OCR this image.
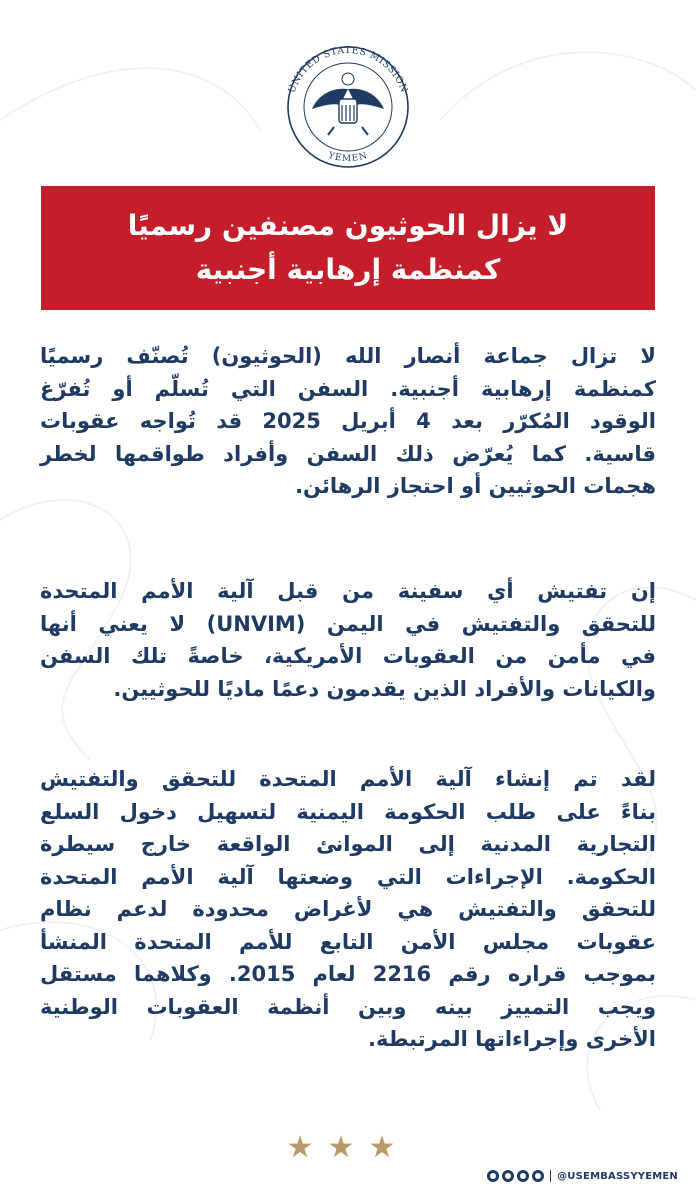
UNITED STATES MISSION
YEMEN
لا يزال الحوثيون مصنفين رسميًا
كمنظمة إرهابية أجنبية
لا تزال جماعة أنصار الله (الحوثيون) تُصنّف رسميًا
كمنظمة إرهابية أجنبية. السفن التي تُسلّم أو تُفرّغ
الوقود المُكرّر بعد 4 أبريل 2025 قد تُواجه عقوبات
قاسية. كما يُعرّض ذلك السفن وأفراد طواقمها لخطر
هجمات الحوثيين أو احتجاز الرهائن.
إن تفتيش أي سفينة من قبل آلية الأمم المتحدة
للتحقق والتفتيش في اليمن (UNVIM) لا يعني أنها
في مأمن من العقوبات الأمريكية، خاصةً تلك السفن
والكيانات والأفراد الذين يقدمون دعمًا ماديًا للحوثيين.
لقد تم إنشاء آلية الأمم المتحدة للتحقق والتفتيش
بناءً على طلب الحكومة اليمنية لتسهيل دخول السلع
التجارية المدنية إلى الموانئ الواقعة خارج سيطرة
الحكومة. الإجراءات التي وضعتها آلية الأمم المتحدة
للتحقق والتفتيش هي لأغراض محدودة لدعم نظام
عقوبات مجلس الأمن التابع للأمم المتحدة المنشأ
بموجب قراره رقم 2216 لعام 2015. وكلاهما مستقل
ويجب التمييز بينه وبين أنظمة العقوبات الوطنية
الأخرى وإجراءاتها المرتبطة.
★★★
@USEMBASSYYEMEN
